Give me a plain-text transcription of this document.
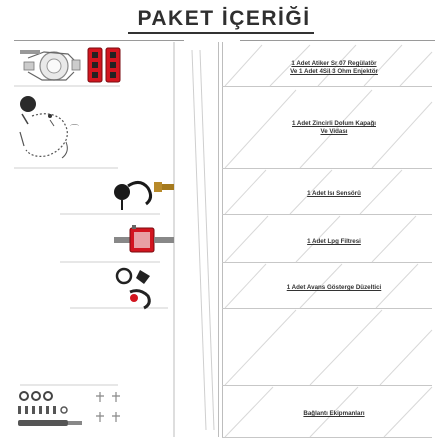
PAKET İÇERİĞİ
⌒
1 Adet Atiker Sr 07 Regülatör
Ve 1 Adet 4Sil 3 Ohm Enjektör
1 Adet Zincirli Dolum Kapağı
Ve Vidası
1 Adet Isı Sensörü
1 Adet Lpg Filtresi
1 Adet Avans Gösterge Düzeltici
Bağlantı Ekipmanları
